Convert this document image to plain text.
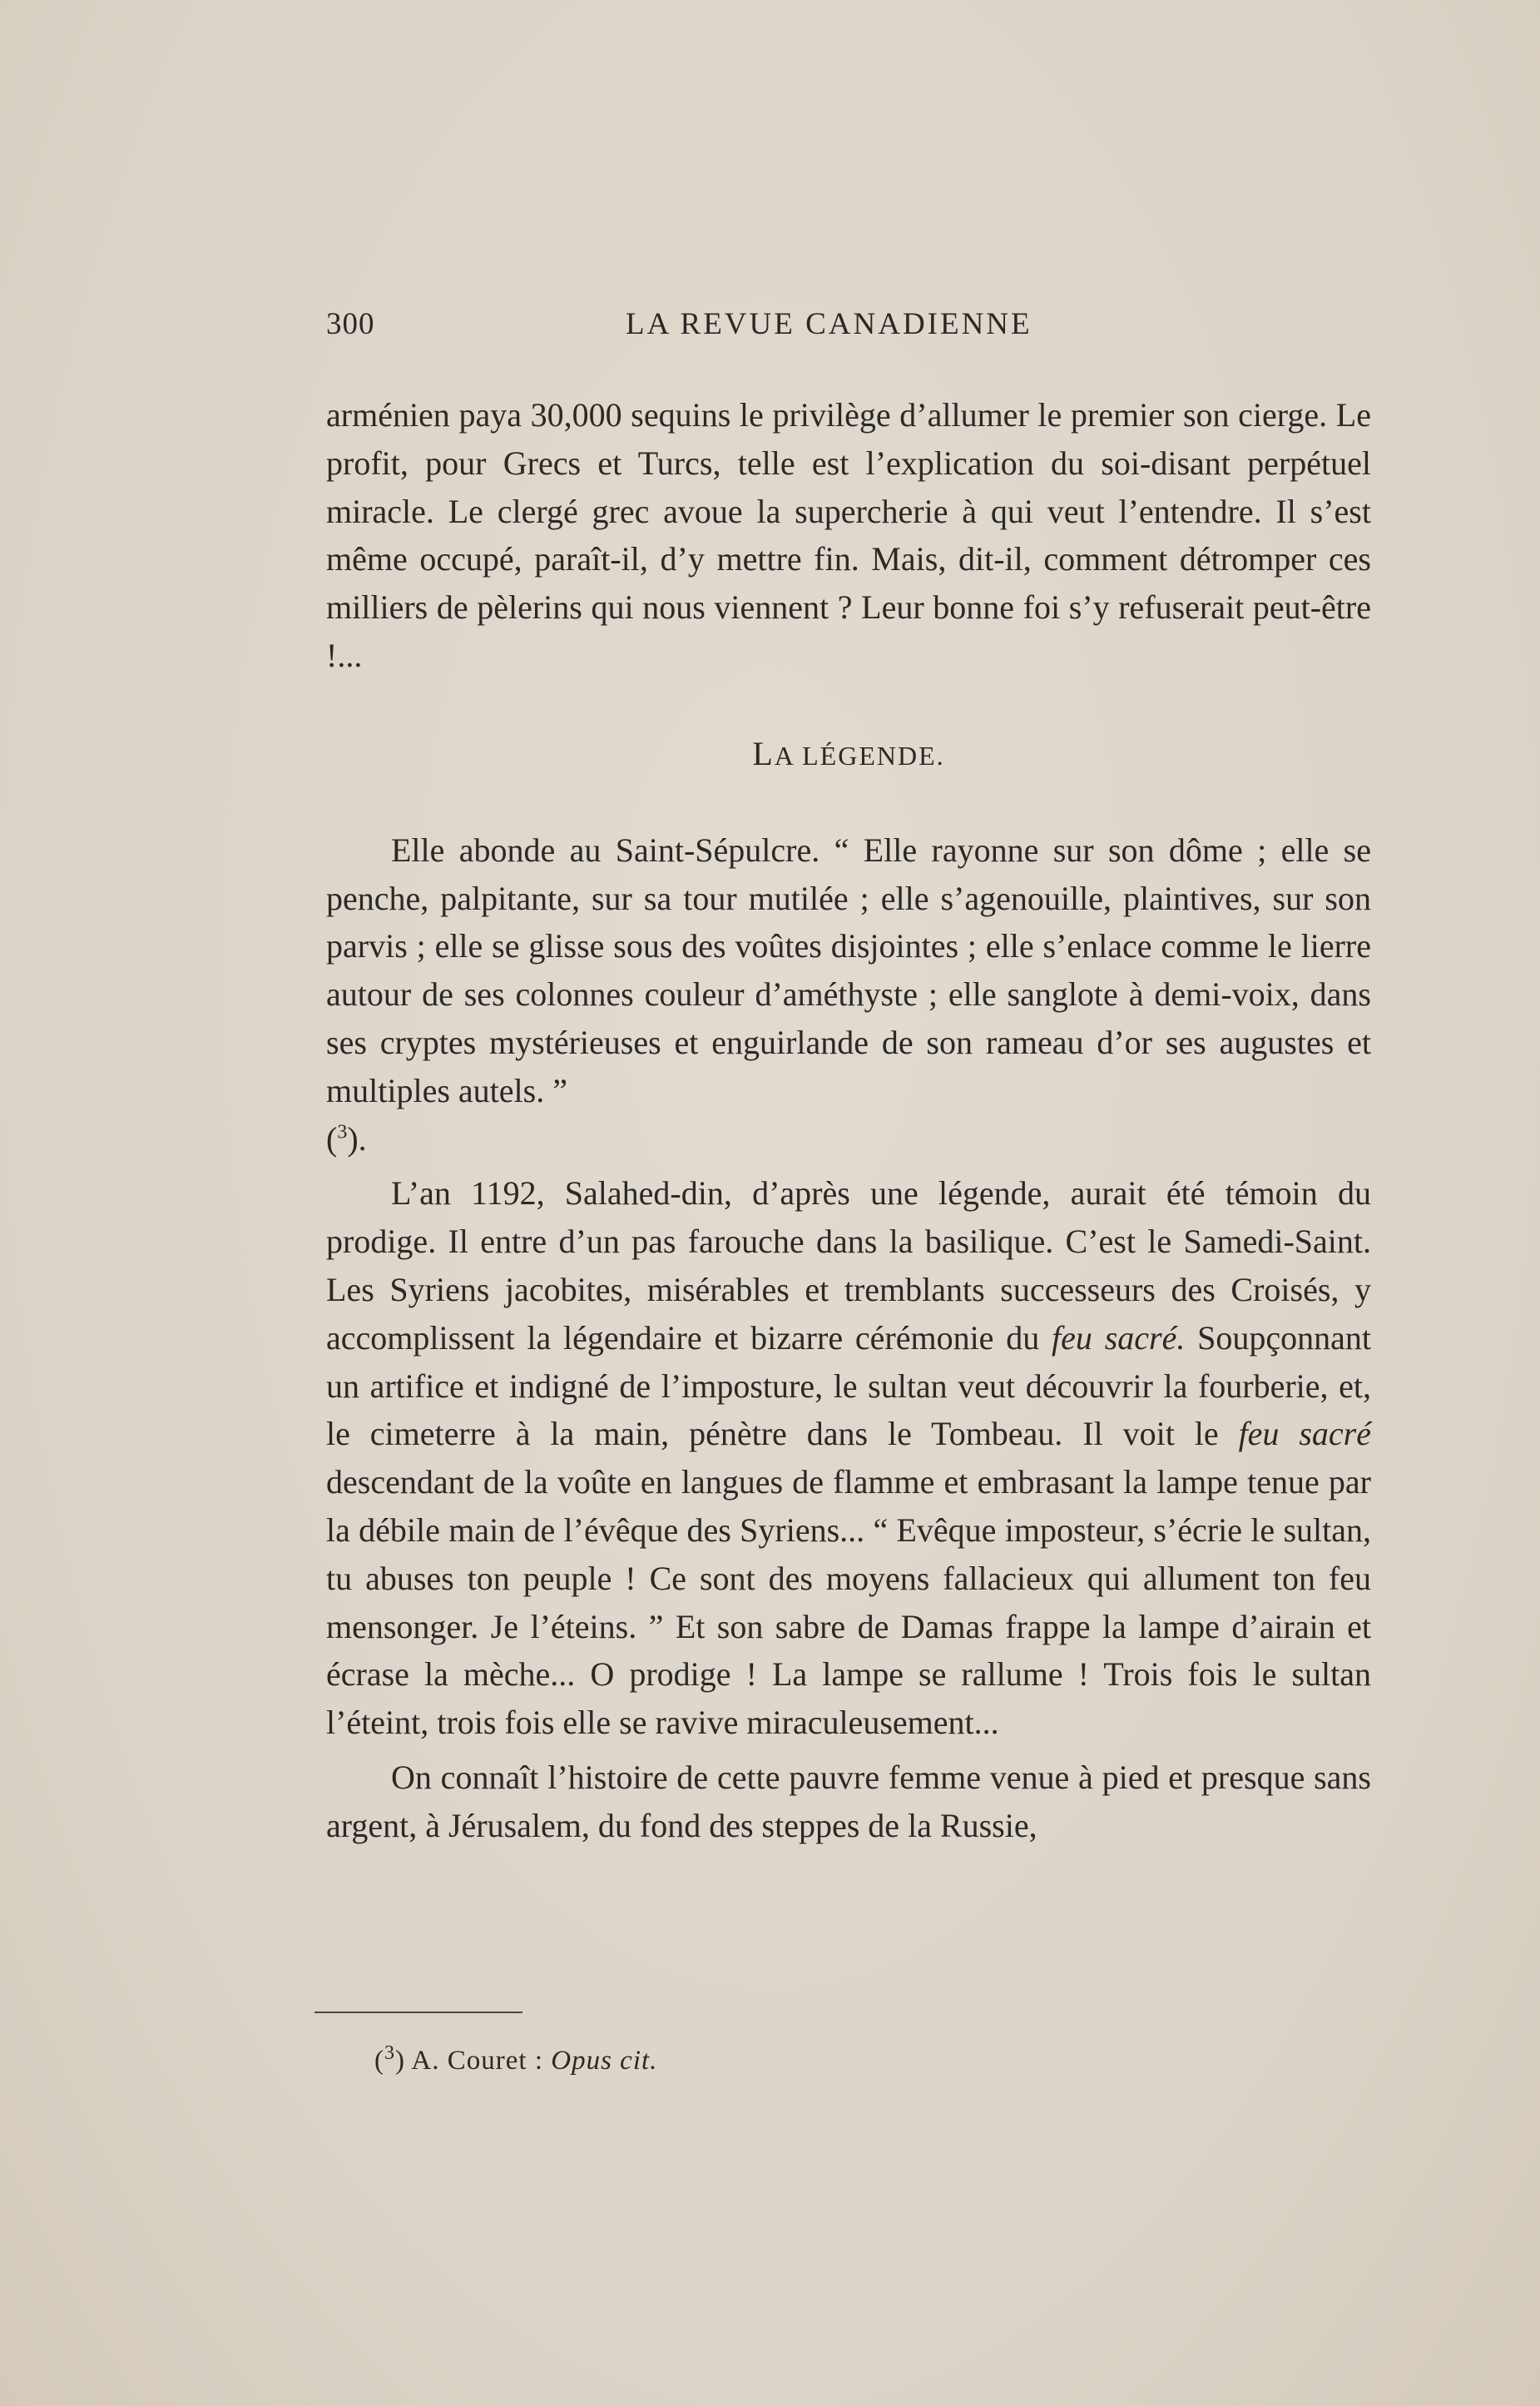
300	LA REVUE CANADIENNE

arménien paya 30,000 sequins le privilège d’allumer le premier son cierge. Le profit, pour Grecs et Turcs, telle est l’explication du soi-disant perpétuel miracle. Le clergé grec avoue la supercherie à qui veut l’entendre. Il s’est même occupé, paraît-il, d’y mettre fin. Mais, dit-il, comment détromper ces milliers de pèlerins qui nous viennent ? Leur bonne foi s’y refuserait peut-être !...

LA LÉGENDE.

Elle abonde au Saint-Sépulcre. “ Elle rayonne sur son dôme ; elle se penche, palpitante, sur sa tour mutilée ; elle s’agenouille, plaintives, sur son parvis ; elle se glisse sous des voûtes disjointes ; elle s’enlace comme le lierre autour de ses colonnes couleur d’améthyste ; elle sanglote à demi-voix, dans ses cryptes mystérieuses et enguirlande de son rameau d’or ses augustes et multiples autels. ”
($^3$).

L’an 1192, Salahed-din, d’après une légende, aurait été témoin du prodige. Il entre d’un pas farouche dans la basilique. C’est le Samedi-Saint. Les Syriens jacobites, misérables et tremblants successeurs des Croisés, y accomplissent la légendaire et bizarre cérémonie du feu sacré. Soupçonnant un artifice et indigné de l’imposture, le sultan veut découvrir la fourberie, et, le cimeterre à la main, pénètre dans le Tombeau. Il voit le feu sacré descendant de la voûte en langues de flamme et embrasant la lampe tenue par la débile main de l’évêque des Syriens... “ Evêque imposteur, s’écrie le sultan, tu abuses ton peuple ! Ce sont des moyens fallacieux qui allument ton feu mensonger. Je l’éteins. ” Et son sabre de Damas frappe la lampe d’airain et écrase la mèche... O prodige ! La lampe se rallume ! Trois fois le sultan l’éteint, trois fois elle se ravive miraculeusement...

On connaît l’histoire de cette pauvre femme venue à pied et presque sans argent, à Jérusalem, du fond des steppes de la Russie,

($^3$) A. Couret : Opus cit.
